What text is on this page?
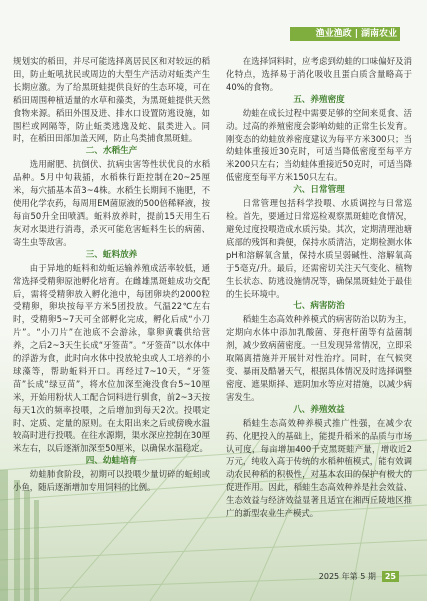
渔业渔政 | 湖南农业

规划实的稻田，并尽可能选择离居民区和对较远的稻田，防止蚯吼扰民或周边的大型生产活动对蚯类产生长期应激。为了给黑斑蛙提供良好的生态环境，可在稻田周围种植适量的水草和藻类，为黑斑蛙提供天然食物来源。稻田外围及进、排水口设置防逃设施，如围栏或网隔等，防止蚯类逃逸及蛇、鼠类进入。同时，在稻田田部加盖天网，防止鸟类捕食黑斑蛙。

二、水稻生产

选用耐肥、抗倒伏、抗病虫害等性状优良的水稻品种。5月中旬栽插，水稻株行距控制在20~25厘米，每穴插基本苗3~4株。水稻生长期间不施肥，不使用化学农药，每周用EM菌原液的500倍稀释液，按每亩50升全田喷洒。蚯料放养时，提前15天用生石灰对水渠进行消毒，杀灭可能危害蚯料生长的病菌、寄生虫等敌害。

三、蚯料放养

由于异地的蚯料和幼蚯运输养殖成活率较低，通常选择受精卵原池孵化培育。在雌雄黑斑蛙成功交配后，需将受精卵放入孵化池中，每团卵块约2000粒受精卵，卵块按每平方米5团投放。气温22℃左右时，受精卵5~7天可全部孵化完成，孵化后成“小刀片”。“小刀片”在池底不会游泳，靠卵黄囊供给营养，之后2~3天生长成“牙签苗”。“牙签苗”以水体中的浮游为食，此时向水体中投放轮虫或人工培养的小球藻等，帮助蚯料开口。再经过7~10天，“牙签苗”长成“绿豆苗”，将水位加深至淹没食台5~10厘米，开始用粉状人工配合饲料进行驯食，前2~3天按每天1次的频率投喂，之后增加到每天2次。投喂定时、定质、定量的原则。在太阳出来之后或傍晚水温较高时进行投喂。在往水源期，渠水深应控制在30厘米左右，以后逐渐加深至50厘米，以确保水温稳定。

四、幼蛙培育

幼蛙肺食阶段，初期可以投喂少量切碎的蚯蚓或小鱼，随后逐渐增加专用饲料的比例。

在选择饲料时，应考虑到幼蛙的口味偏好及消化特点，选择易于消化吸收且蛋白质含量略高于40%的食物。

五、养殖密度

幼蛙在成长过程中需要足够的空间来觅食、活动。过高的养殖密度会影响幼蛙的正常生长发育。刚变态的幼蛙放养密度建议为每平方米300只；当幼蛙体重接近30克时，可适当降低密度至每平方米200只左右；当幼蛙体重接近50克时，可适当降低密度至每平方米150只左右。

六、日常管理

日常管理包括科学投喂、水质调控与日常巡检。首先，要通过日常巡检观察黑斑蛙吃食情况，避免过度投喂造成水质污染。其次，定期清理池塘底部的残饵和粪便，保持水质清洁，定期检测水体pH和溶解氧含量，保持水质呈弱碱性、溶解氧高于5毫克/升。最后，还需密切关注天气变化、植物生长状态、防逃设施情况等，确保黑斑蛙处于最佳的生长环境中。

七、病害防治

稻蛙生态高效种养模式的病害防治以防为主，定期向水体中添加乳酸菌、芽孢杆菌等有益菌制剂，减少致病菌密度。一旦发现异常情况，立即采取隔离措施并开展针对性治疗。同时，在气候突变、暴雨及酷暑天气，根据具体情况及时选择调整密度、遮果斯择、遮阴加水等应对措施，以减少病害发生。

八、养殖效益

稻蛙生态高效种养模式推广性强，在减少农药、化肥投入的基础上，能提升稻米的品质与市场认可度，每亩增加400千克黑斑蛙产量，增收近2万元，纯收入高于传统的水稻种植模式，能有效调动农民种稻的积极性，对基本农田的保护有极大的促进作用。因此，稻蛙生态高效种养是社会效益、生态效益与经济效益显著且适宜在湘西丘陵地区推广的新型农业生产模式。

2025 年第 5 期	25
